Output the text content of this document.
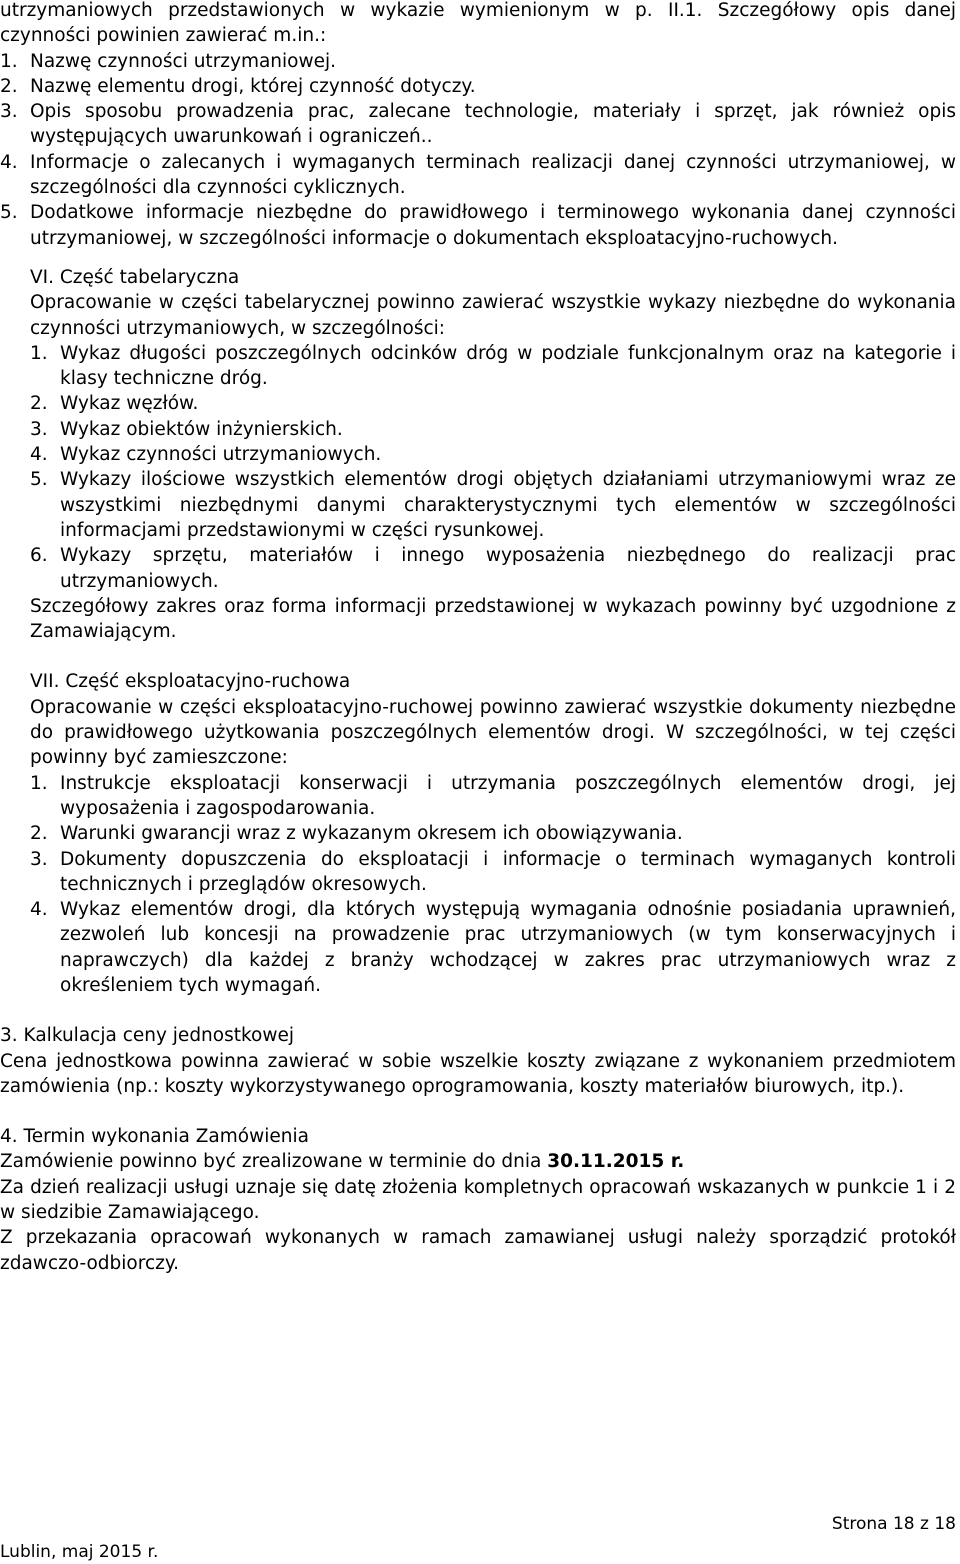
utrzymaniowych przedstawionych w wykazie wymienionym w p. II.1. Szczegółowy opis danej czynności powinien zawierać m.in.:

1. Nazwę czynności utrzymaniowej.
2. Nazwę elementu drogi, której czynność dotyczy.
3. Opis sposobu prowadzenia prac, zalecane technologie, materiały i sprzęt, jak również opis występujących uwarunkowań i ograniczeń..
4. Informacje o zalecanych i wymaganych terminach realizacji danej czynności utrzymaniowej, w szczególności dla czynności cyklicznych.
5. Dodatkowe informacje niezbędne do prawidłowego i terminowego wykonania danej czynności utrzymaniowej, w szczególności informacje o dokumentach eksploatacyjno-ruchowych.

VI. Część tabelaryczna

Opracowanie w części tabelarycznej powinno zawierać wszystkie wykazy niezbędne do wykonania czynności utrzymaniowych, w szczególności:

1. Wykaz długości poszczególnych odcinków dróg w podziale funkcjonalnym oraz na kategorie i klasy techniczne dróg.
2. Wykaz węzłów.
3. Wykaz obiektów inżynierskich.
4. Wykaz czynności utrzymaniowych.
5. Wykazy ilościowe wszystkich elementów drogi objętych działaniami utrzymaniowymi wraz ze wszystkimi niezbędnymi danymi charakterystycznymi tych elementów w szczególności informacjami przedstawionymi w części rysunkowej.
6. Wykazy sprzętu, materiałów i innego wyposażenia niezbędnego do realizacji prac utrzymaniowych.

Szczegółowy zakres oraz forma informacji przedstawionej w wykazach powinny być uzgodnione z Zamawiającym.

VII. Część eksploatacyjno-ruchowa

Opracowanie w części eksploatacyjno-ruchowej powinno zawierać wszystkie dokumenty niezbędne do prawidłowego użytkowania poszczególnych elementów drogi. W szczególności, w tej części powinny być zamieszczone:

1. Instrukcje eksploatacji konserwacji i utrzymania poszczególnych elementów drogi, jej wyposażenia i zagospodarowania.
2. Warunki gwarancji wraz z wykazanym okresem ich obowiązywania.
3. Dokumenty dopuszczenia do eksploatacji i informacje o terminach wymaganych kontroli technicznych i przeglądów okresowych.
4. Wykaz elementów drogi, dla których występują wymagania odnośnie posiadania uprawnień, zezwoleń lub koncesji na prowadzenie prac utrzymaniowych (w tym konserwacyjnych i naprawczych) dla każdej z branży wchodzącej w zakres prac utrzymaniowych wraz z określeniem tych wymagań.

3. Kalkulacja ceny jednostkowej

Cena jednostkowa powinna zawierać w sobie wszelkie koszty związane z wykonaniem przedmiotem zamówienia (np.: koszty wykorzystywanego oprogramowania, koszty materiałów biurowych, itp.).

4. Termin wykonania Zamówienia

Zamówienie powinno być zrealizowane w terminie do dnia 30.11.2015 r.

Za dzień realizacji usługi uznaje się datę złożenia kompletnych opracowań wskazanych w punkcie 1 i 2 w siedzibie Zamawiającego.

Z przekazania opracowań wykonanych w ramach zamawianej usługi należy sporządzić protokół zdawczo-odbiorczy.

Strona 18 z 18
Lublin, maj 2015 r.
